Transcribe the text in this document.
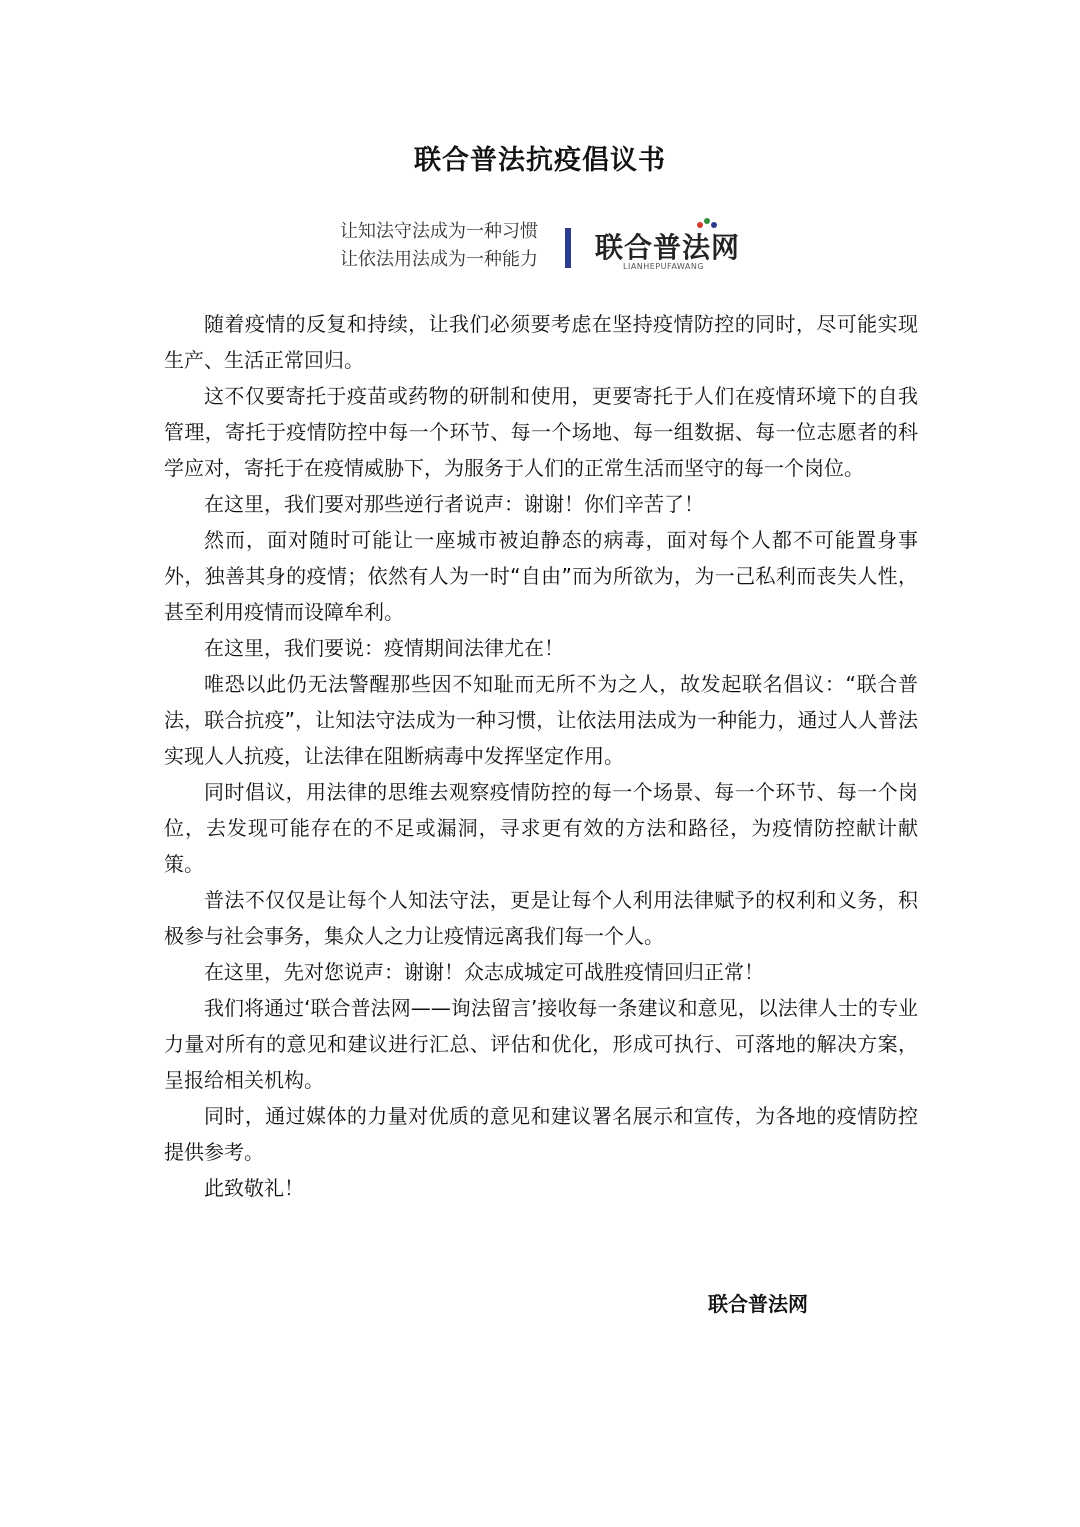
联合普法抗疫倡议书
让知法守法成为一种习惯
让依法用法成为一种能力 联合普法网
LIANHEPUFAWANG

随着疫情的反复和持续，让我们必须要考虑在坚持疫情防控的同时，尽可能实现生产、生活正常回归。

这不仅要寄托于疫苗或药物的研制和使用，更要寄托于人们在疫情环境下的自我管理，寄托于疫情防控中每一个环节、每一个场地、每一组数据、每一位志愿者的科学应对，寄托于在疫情威胁下，为服务于人们的正常生活而坚守的每一个岗位。

在这里，我们要对那些逆行者说声：谢谢！你们辛苦了！

然而，面对随时可能让一座城市被迫静态的病毒，面对每个人都不可能置身事外，独善其身的疫情；依然有人为一时“自由”而为所欲为，为一己私利而丧失人性，甚至利用疫情而设障牟利。

在这里，我们要说：疫情期间法律尤在！

唯恐以此仍无法警醒那些因不知耻而无所不为之人，故发起联名倡议：“联合普法，联合抗疫”，让知法守法成为一种习惯，让依法用法成为一种能力，通过人人普法实现人人抗疫，让法律在阻断病毒中发挥坚定作用。

同时倡议，用法律的思维去观察疫情防控的每一个场景、每一个环节、每一个岗位，去发现可能存在的不足或漏洞，寻求更有效的方法和路径，为疫情防控献计献策。

普法不仅仅是让每个人知法守法，更是让每个人利用法律赋予的权利和义务，积极参与社会事务，集众人之力让疫情远离我们每一个人。

在这里，先对您说声：谢谢！众志成城定可战胜疫情回归正常！

我们将通过‘联合普法网——询法留言’接收每一条建议和意见，以法律人士的专业力量对所有的意见和建议进行汇总、评估和优化，形成可执行、可落地的解决方案，呈报给相关机构。

同时，通过媒体的力量对优质的意见和建议署名展示和宣传，为各地的疫情防控提供参考。

此致敬礼！

联合普法网
